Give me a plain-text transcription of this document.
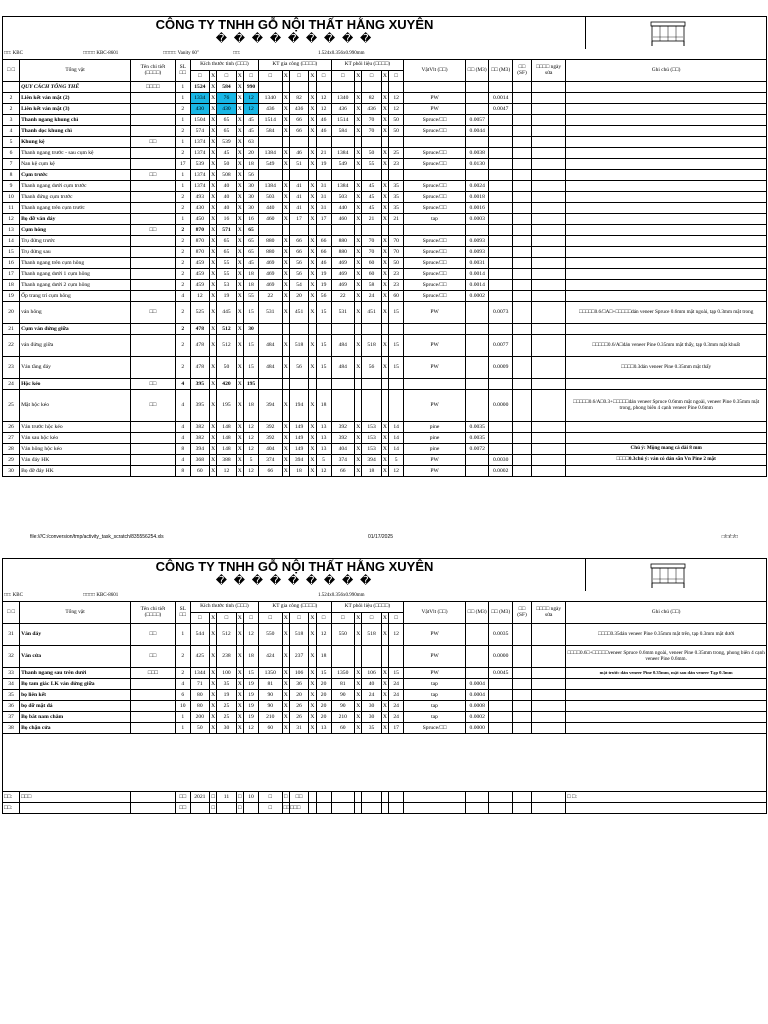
CÔNG TY TNHH GỖ NỘI THẤT HẰNG XUYÊN
� � � � � � � � �
□□: KBC	□□□□ KBC-8601	□□□□: Vanity 60"	□□:	1.524x0.356x0.990mm
□ □	Tổng vật	Tên chi tiết (□□□□)	SL □□	Kích thước tinh (□□□)					KT gia công (□□□□)					KT phôi liệu (□□□□)					VậtVlt (□□)	□□ (M3)	□□ (M3)	□□ (SF)	□□□□ ngày sửa	Ghi chú (□□)
				□	X	□	X	□	□	X	□	X	□	□	X	□	X	□						
	QUY CÁCH TỔNG THỂ	□□□□	1	1524	X	584	X	990																
2	Liên kết ván mặt (2)		1	1334	X	76	X	12	1340	X	82	X	12	1340	X	82	X	12	PW		0.0014			
2	Liên kết ván mặt (3)		2	430	X	430	X	12	436	X	436	X	12	436	X	436	X	12	PW		0.0047			
3	Thanh ngang khung chì		1	1504	X	65	X	45	1514	X	66	X	46	1514	X	70	X	50	Spruce/□□	0.0057				
4	Thanh dọc khung chì		2	574	X	65	X	45	584	X	66	X	46	584	X	70	X	50	Spruce/□□	0.0044				
5	Khung kệ	□□	1	1374	X	539	X	63																
6	Thanh ngang trước - sau cụm kệ		2	1374	X	45	X	20	1384	X	46	X	21	1384	X	50	X	25	Spruce/□□	0.0038				
7	Nan kệ cụm kệ		17	539	X	50	X	18	549	X	51	X	19	549	X	55	X	23	Spruce/□□	0.0130				
8	Cụm trước	□□	1	1374	X	508	X	56																
9	Thanh ngang dưới cụm trước		1	1374	X	40	X	30	1384	X	41	X	31	1384	X	45	X	35	Spruce/□□	0.0024				
10	Thanh đứng cụm trước		2	493	X	40	X	30	503	X	41	X	31	503	X	45	X	35	Spruce/□□	0.0018				
11	Thanh ngang trên cụm trước		2	430	X	40	X	30	440	X	41	X	31	440	X	45	X	35	Spruce/□□	0.0016				
12	Bọ đỡ ván đáy		1	450	X	16	X	16	460	X	17	X	17	460	X	21	X	21	tap	0.0003				
13	Cụm hông	□□	2	870	X	571	X	65																
14	Trụ đứng trước		2	870	X	65	X	65	880	X	66	X	66	880	X	70	X	70	Spruce/□□	0.0093				
15	Trụ đứng sau		2	870	X	65	X	65	880	X	66	X	66	880	X	70	X	70	Spruce/□□	0.0093				
16	Thanh ngang trên cụm hông		2	459	X	55	X	45	469	X	56	X	46	469	X	60	X	50	Spruce/□□	0.0031				
17	Thanh ngang dưới 1 cụm hông		2	459	X	55	X	18	469	X	56	X	19	469	X	60	X	23	Spruce/□□	0.0014				
18	Thanh ngang dưới 2 cụm hông		2	459	X	53	X	18	469	X	54	X	19	469	X	58	X	23	Spruce/□□	0.0014				
19	Ốp trang trí cụm hông		4	12	X	19	X	55	22	X	20	X	56	22	X	24	X	60	Spruce/□□	0.0002				
20	ván hông	□□	2	525	X	445	X	15	531	X	451	X	15	531	X	451	X	15	PW		0.0073			□□□□□0.6/□A□+□□□□□dán veneer Spruce 0.6mm mặt ngoài, tạp 0.3mm mặt trong
21	Cụm ván đứng giữa		2	478	X	512	X	30																
22	ván đứng giữa		2	478	X	512	X	15	484	X	518	X	15	484	X	518	X	15	PW		0.0077			□□□□□0.6/A□dán veneer Pine 0.35mm mặt thấy, tạp 0.3mm mặt khuất
23	Ván tầng đáy		2	478	X	50	X	15	484	X	56	X	15	484	X	56	X	15	PW		0.0009			□□□□0.3dán veneer Pine 0.35mm mặt thấy
24	Hộc kéo	□□	4	395	X	420	X	195																
25	Mặt hộc kéo	□□	4	395	X	195	X	18	394	X	194	X	18						PW		0.0000			□□□□□0.6/A□0.3+□□□□□dán veneer Spruce 0.6mm mặt ngoài, veneer Pine 0.35mm mặt trong, phong biên 4 cạnh veneer Pine 0.6mm
26	Ván trước hộc kéo		4	382	X	148	X	12	392	X	149	X	13	392	X	153	X	14	pine	0.0035				
27	Ván sau hộc kéo		4	382	X	148	X	12	392	X	149	X	13	392	X	153	X	14	pine	0.0035				
28	Ván hông hộc kéo		8	394	X	148	X	12	404	X	149	X	13	404	X	153	X	14	pine	0.0072				Chú ý: Mộng mang cá dài 8 mm
29	Ván đáy HK		4	368	X	388	X	5	374	X	394	X	5	374	X	394	X	5	PW		0.0030			□□□□0.3chú ý: ván có dán sẵn Vn Pine 2 mặt
30	Bọ đỡ đáy HK		8	60	X	12	X	12	66	X	18	X	12	66	X	18	X	12	PW		0.0002			
file:///C:/conversion/tmp/activity_task_scratch/835556254.xls	01/17/2025	□/□/□/□
CÔNG TY TNHH GỖ NỘI THẤT HẰNG XUYÊN
� � � � � � � � �
□□: KBC	□□□□ KBC-8601	1.524x0.356x0.990mm
□ □	Tổng vật	Tên chi tiết (□□□□)	SL □□	Kích thước tinh (□□□)					KT gia công (□□□□)					KT phôi liệu (□□□□)					VậtVlt (□□)	□□ (M3)	□□ (M3)	□□ (SF)	□□□□ ngày sửa	Ghi chú (□□)
				□	X	□	X	□	□	X	□	X	□	□	X	□	X	□						
31	Ván đáy	□□	1	544	X	512	X	12	550	X	518	X	12	550	X	518	X	12	PW		0.0035			□□□□0.35dán veneer Pine 0.35mm mặt trên, tạp 0.3mm mặt dưới
32	Ván cửa	□□	2	425	X	238	X	18	424	X	237	X	18						PW		0.0000			□□□□0.6□+□□□□□veneer Spruce 0.6mm ngoài, veneer Pine 0.35mm trong, phong biên 4 cạnh veneer Pine 0.6mm.
33	Thanh ngang sau trên dưới	□□□	2	1344	X	100	X	15	1350	X	106	X	15	1350	X	106	X	15	PW		0.0045			mặt trước dán veneer Pine 0.35mm, mặt sau dán veneer Tạp 0.3mm
34	Bọ tam giác LK ván đứng giữa		4	71	X	35	X	19	81	X	36	X	20	81	X	40	X	24	tap	0.0004				
35	bọ liên kết		6	80	X	19	X	19	90	X	20	X	20	90	X	24	X	24	tap	0.0004				
36	bọ đỡ mặt đá		10	80	X	25	X	19	90	X	26	X	20	90	X	30	X	24	tap	0.0008				
37	Bọ bắt nam châm		1	200	X	25	X	19	210	X	26	X	20	210	X	30	X	24	tap	0.0002				
38	Bọ chặn cửa		1	50	X	30	X	12	60	X	31	X	13	60	X	35	X	17	Spruce/□□	0.0000				

□□:	□□□		□□	2021	□	11	□	10	□	□	□□													□ □:
□□:			□□		□		□		□	□□□□□														
